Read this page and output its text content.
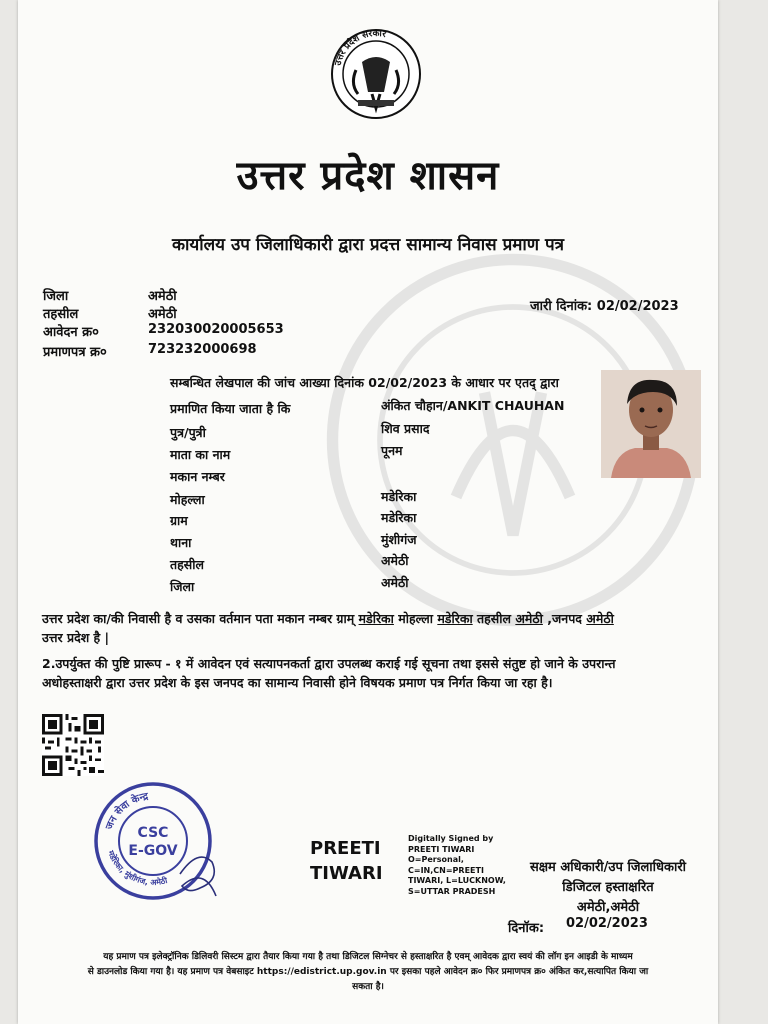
उत्तर प्रदेश सरकार
उत्तर प्रदेश शासन
कार्यालय उप जिलाधिकारी द्वारा प्रदत्त सामान्य निवास प्रमाण पत्र
जिला	अमेठी
तहसील	अमेठी
आवेदन क्र०	232030020005653
प्रमाणपत्र क्र०	723232000698
जारी दिनांक: 02/02/2023
सम्बन्धित लेखपाल की जांच आख्या दिनांक 02/02/2023 के आधार पर एतद् द्वारा
प्रमाणित किया जाता है कि	अंकित चौहान/ANKIT CHAUHAN
पुत्र/पुत्री	शिव प्रसाद
माता का नाम	पूनम
मकान नम्बर
मोहल्ला	मडेरिका
ग्राम	मडेरिका
थाना	मुंशीगंज
तहसील	अमेठी
जिला	अमेठी
उत्तर प्रदेश का/की निवासी है व उसका वर्तमान पता मकान नम्बर ग्राम् मडेरिका मोहल्ला मडेरिका तहसील अमेठी ,जनपद अमेठी
उत्तर प्रदेश है |
2.उपर्युक्त की पुष्टि प्रारूप - १ में आवेदन एवं सत्यापनकर्ता द्वारा उपलब्ध कराई गई सूचना तथा इससे संतुष्ट हो जाने के उपरान्त
अधोहस्ताक्षरी द्वारा उत्तर प्रदेश के इस जनपद का सामान्य निवासी होने विषयक प्रमाण पत्र निर्गत किया जा रहा है।
जन सेवा केन्द्र
मडेरिका, मुंशीगंज, अमेठी
CSC
E-GOV	PREETI
TIWARI
Digitally Signed by
PREETI TIWARI
O=Personal,
C=IN,CN=PREETI
TIWARI, L=LUCKNOW,
S=UTTAR PRADESH
सक्षम अधिकारी/उप जिलाधिकारी
डिजिटल हस्ताक्षरित
अमेठी,अमेठी
दिनॉक: 02/02/2023
यह प्रमाण पत्र इलेक्ट्रॉनिक डिलिवरी सिस्टम द्वारा तैयार किया गया है तथा डिजिटल सिग्नेचर से हस्ताक्षरित है एवम् आवेदक द्वारा स्वयं की लॉग इन आइडी के माध्यम
से डाउनलोड किया गया है। यह प्रमाण पत्र वेबसाइट https://edistrict.up.gov.in पर इसका पहले आवेदन क्र० फिर प्रमाणपत्र क्र० अंकित कर,सत्यापित किया जा
सकता है।
